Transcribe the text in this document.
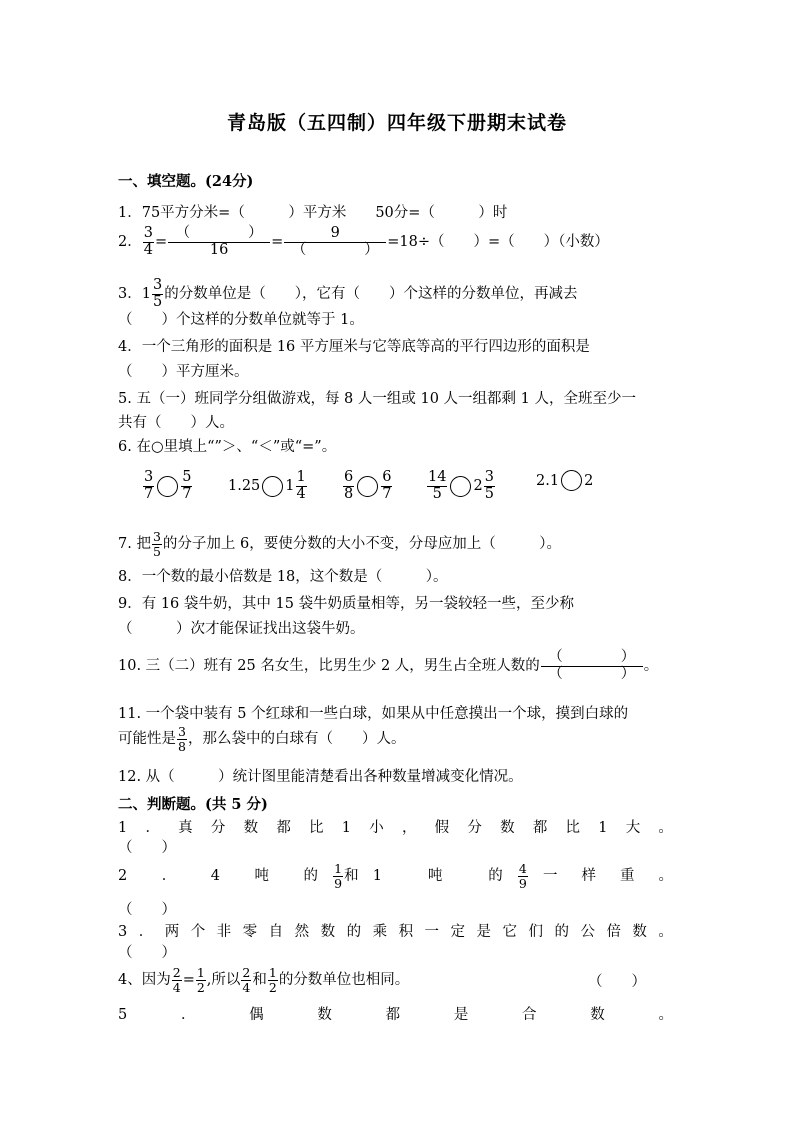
青岛版（五四制）四年级下册期末试卷
一、填空题。(24分)
1．75平方分米=（　　　）平方米　　50分=（　　　）时
2． $\frac{3}{4} = \frac{( )}{16} = \frac{9}{( )} =18\div$（　　）=（　　）（小数）
3． $1 \frac{3}{5}$ 的分数单位是（　　），它有（　　）个这样的分数单位，再减去
（　　）个这样的分数单位就等于 1。
4．一个三角形的面积是 16 平方厘米与它等底等高的平行四边形的面积是
（　　）平方厘米。
5. 五（一）班同学分组做游戏，每 8 人一组或 10 人一组都剩 1 人，全班至少一
共有（　　）人。
6. 在○里填上“”＞、“＜”或“=”。
$\frac{3}{7} \frac{5}{7} 1.25$ $1 \frac{1}{4} \frac{6}{8} \frac{6}{7} \frac{14}{5} 2 \frac{3}{5}$	2.1 2
7. 把 $\frac{3}{5}$ 的分子加上 6，要使分数的大小不变，分母应加上（　　　）。
8．一个数的最小倍数是 18，这个数是（　　　）。
9．有 16 袋牛奶，其中 15 袋牛奶质量相等，另一袋较轻一些，至少称
（　　　）次才能保证找出这袋牛奶。
10. 三（二）班有 25 名女生，比男生少 2 人，男生占全班人数的 $\frac{( )}{( )}$ 。
11. 一个袋中装有 5 个红球和一些白球，如果从中任意摸出一个球，摸到白球的
可能性是 $\frac{3}{8}$ ，那么袋中的白球有（　　）人。
12. 从（　　　）统计图里能清楚看出各种数量增减变化情况。
二、判断题。(共 5 分)
1 ． 真 分 数 都 比 1 小 ， 假 分 数 都 比 1 大 。
（　　）
2 ． 4 吨 的 $\frac{1}{9}$ 和 1	吨	的 $\frac{4}{9}$ 一 样 重 。
（　　）
3 ． 两 个 非 零 自 然 数 的 乘 积 一 定 是 它 们 的 公 倍 数 。
（　　）
4、因为 $\frac{2}{4} = \frac{1}{2}$ ,所以 $\frac{2}{4}$ 和 $\frac{1}{2}$ 的分数单位也相同。	（　　）
5	．	偶	数	都	是	合	数	。
